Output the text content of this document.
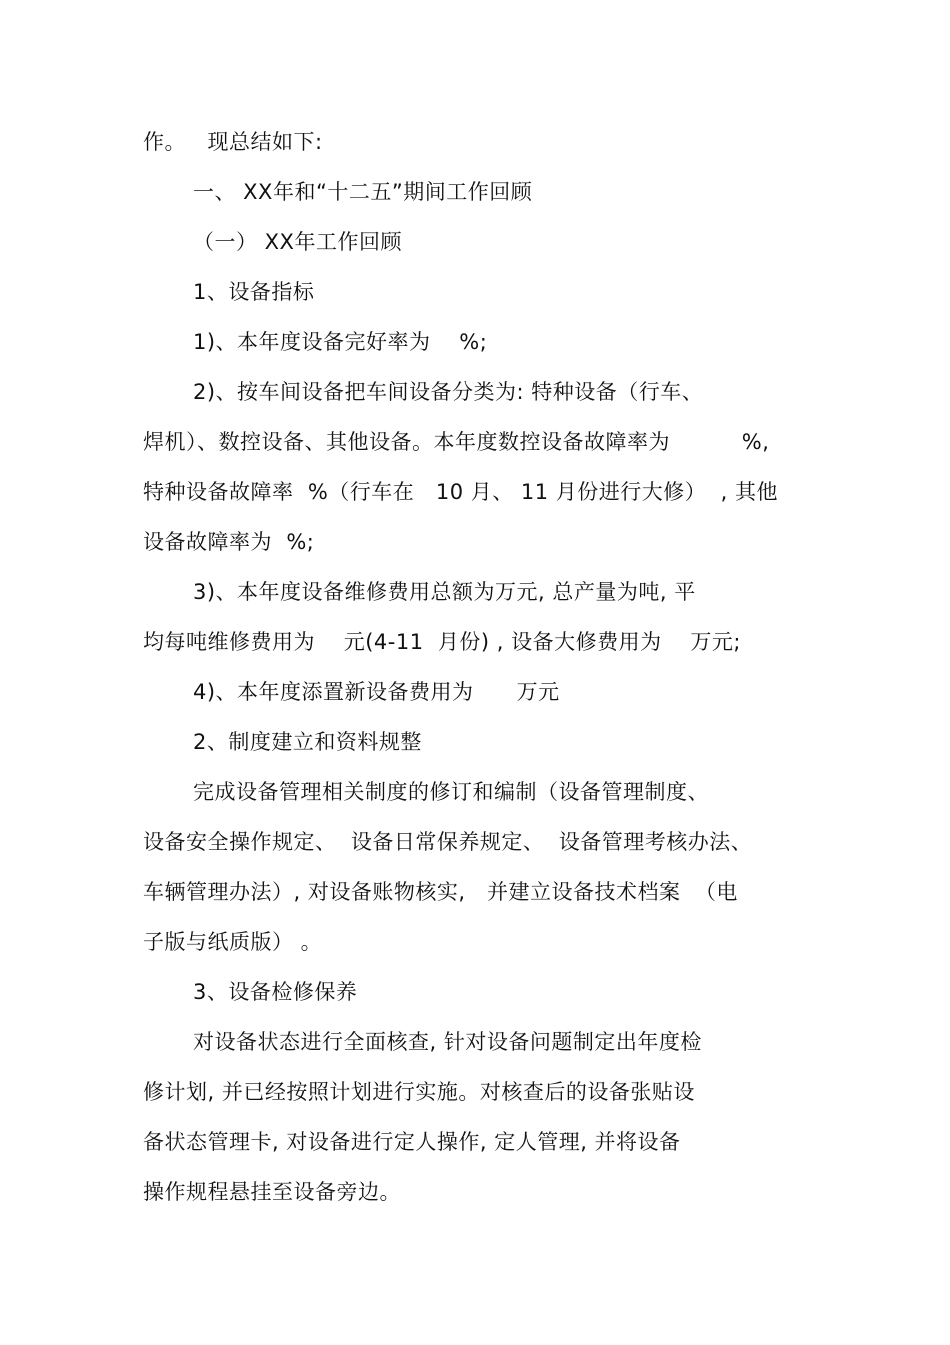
作。   现总结如下:
一、 XX年和“十二五”期间工作回顾
（一） XX年工作回顾
1、设备指标
1)、本年度设备完好率为    %;
2)、按车间设备把车间设备分类为: 特种设备（行车、
焊机）、数控设备、其他设备。本年度数控设备故障率为          %,
特种设备故障率  %（行车在   10 月、 11 月份进行大修）  , 其他
设备故障率为  %;
3)、本年度设备维修费用总额为万元, 总产量为吨, 平
均每吨维修费用为    元(4-11  月份) , 设备大修费用为    万元;
4)、本年度添置新设备费用为      万元
2、制度建立和资料规整
完成设备管理相关制度的修订和编制（设备管理制度、
设备安全操作规定、  设备日常保养规定、  设备管理考核办法、
车辆管理办法）, 对设备账物核实,   并建立设备技术档案  （电
子版与纸质版） 。
3、设备检修保养
对设备状态进行全面核查, 针对设备问题制定出年度检
修计划, 并已经按照计划进行实施。对核查后的设备张贴设
备状态管理卡, 对设备进行定人操作, 定人管理, 并将设备
操作规程悬挂至设备旁边。
